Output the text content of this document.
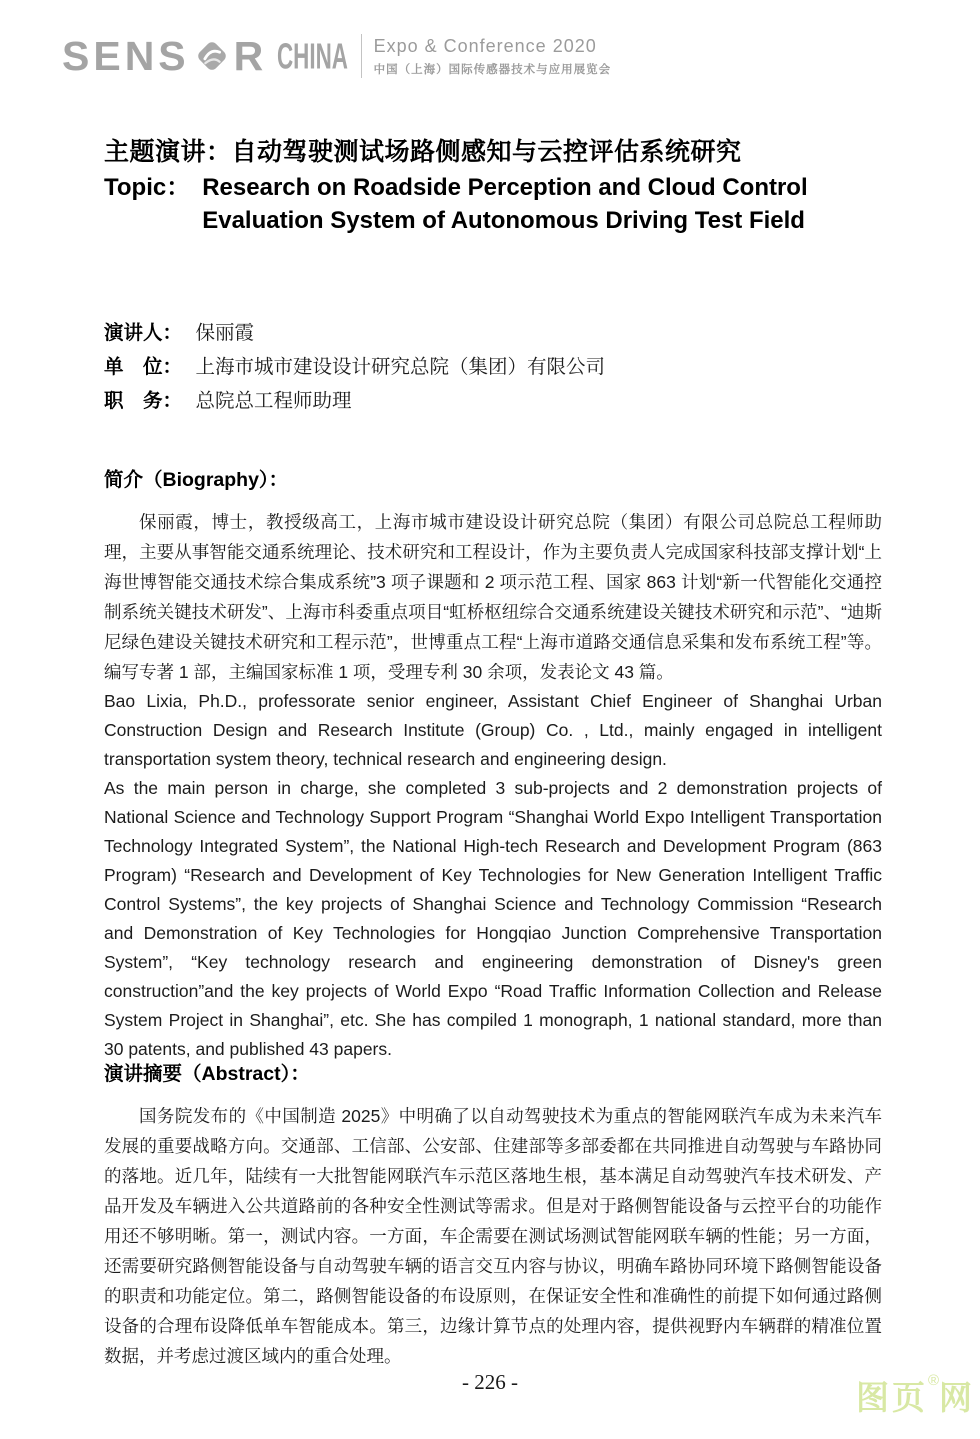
SENS R CHINA Expo & Conference 2020
中国（上海）国际传感器技术与应用展览会
主题演讲：自动驾驶测试场路侧感知与云控评估系统研究
Topic： Research on Roadside Perception and Cloud Control
Evaluation System of Autonomous Driving Test Field
演讲人： 保丽霞
单　位： 上海市城市建设设计研究总院（集团）有限公司
职　务： 总院总工程师助理
简介（Biography）：

保丽霞，博士，教授级高工，上海市城市建设设计研究总院（集团）有限公司总院总工程师助理，主要从事智能交通系统理论、技术研究和工程设计，作为主要负责人完成国家科技部支撑计划“上海世博智能交通技术综合集成系统”3 项子课题和 2 项示范工程、国家 863 计划“新一代智能化交通控制系统关键技术研发”、上海市科委重点项目“虹桥枢纽综合交通系统建设关键技术研究和示范”、“迪斯尼绿色建设关键技术研究和工程示范”，世博重点工程“上海市道路交通信息采集和发布系统工程”等。编写专著 1 部，主编国家标准 1 项，受理专利 30 余项，发表论文 43 篇。

Bao Lixia, Ph.D., professorate senior engineer, Assistant Chief Engineer of Shanghai Urban Construction Design and Research Institute (Group) Co. , Ltd., mainly engaged in intelligent transportation system theory, technical research and engineering design.

As the main person in charge, she completed 3 sub-projects and 2 demonstration projects of National Science and Technology Support Program “Shanghai World Expo Intelligent Transportation Technology Integrated System”, the National High-tech Research and Development Program (863 Program) “Research and Development of Key Technologies for New Generation Intelligent Traffic Control Systems”, the key projects of Shanghai Science and Technology Commission “Research and Demonstration of Key Technologies for Hongqiao Junction Comprehensive Transportation System”, “Key technology research and engineering demonstration of Disney's green construction”and the key projects of World Expo “Road Traffic Information Collection and Release System Project in Shanghai”, etc. She has compiled 1 monograph, 1 national standard, more than 30 patents, and published 43 papers.

演讲摘要（Abstract）：

国务院发布的《中国制造 2025》中明确了以自动驾驶技术为重点的智能网联汽车成为未来汽车发展的重要战略方向。交通部、工信部、公安部、住建部等多部委都在共同推进自动驾驶与车路协同的落地。近几年，陆续有一大批智能网联汽车示范区落地生根，基本满足自动驾驶汽车技术研发、产品开发及车辆进入公共道路前的各种安全性测试等需求。但是对于路侧智能设备与云控平台的功能作用还不够明晰。第一，测试内容。一方面，车企需要在测试场测试智能网联车辆的性能；另一方面，还需要研究路侧智能设备与自动驾驶车辆的语言交互内容与协议，明确车路协同环境下路侧智能设备的职责和功能定位。第二，路侧智能设备的布设原则，在保证安全性和准确性的前提下如何通过路侧设备的合理布设降低单车智能成本。第三，边缘计算节点的处理内容，提供视野内车辆群的精准位置数据，并考虑过渡区域内的重合处理。

- 226 -	图页®网
